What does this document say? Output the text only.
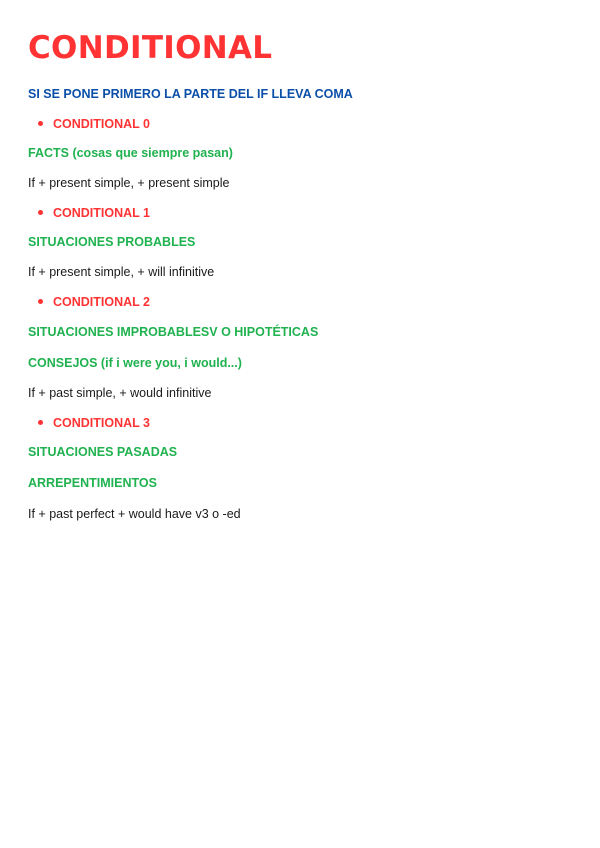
CONDITIONAL
SI SE PONE PRIMERO LA PARTE DEL IF LLEVA COMA
CONDITIONAL 0
FACTS (cosas que siempre pasan)
If + present simple, + present simple
CONDITIONAL 1
SITUACIONES PROBABLES
If + present simple, + will infinitive
CONDITIONAL 2
SITUACIONES IMPROBABLESV O HIPOTÉTICAS
CONSEJOS (if i were you, i would...)
If + past simple, + would infinitive
CONDITIONAL 3
SITUACIONES PASADAS
ARREPENTIMIENTOS
If + past perfect + would have v3 o -ed
